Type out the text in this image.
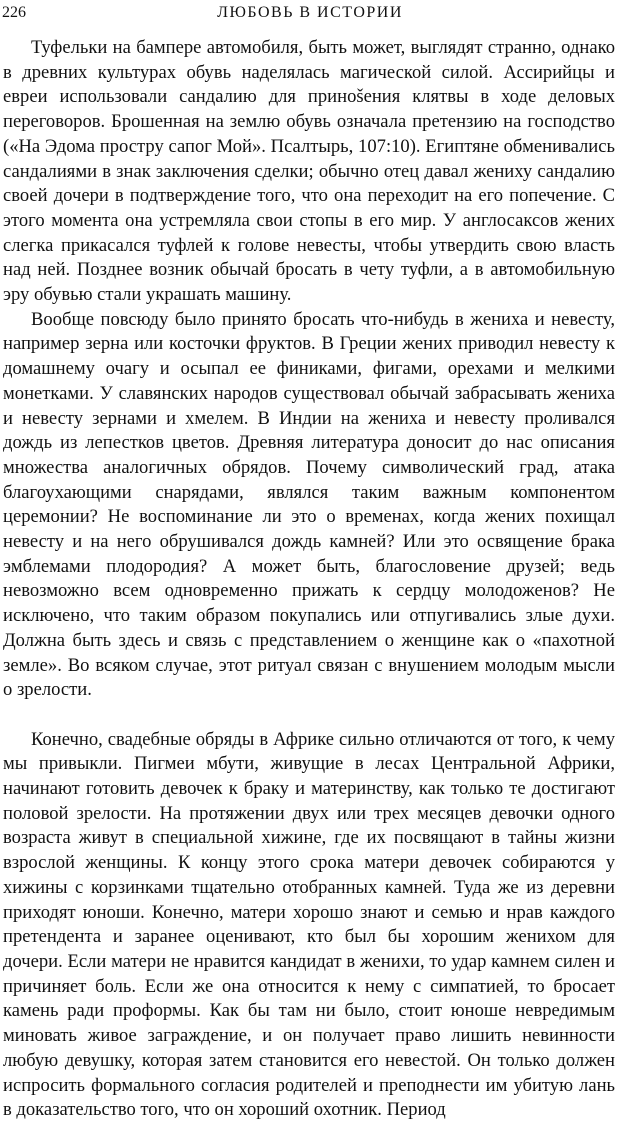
226	ЛЮБОВЬ В ИСТОРИИ

Туфельки на бампере автомобиля, быть может, выглядят странно, однако в древних культурах обувь наделялась магической силой. Ассирийцы и евреи использовали сандалию для принošения клятвы в ходе деловых переговоров. Брошенная на землю обувь означала претензию на господство («На Эдома простру сапог Мой». Псалтырь, 107:10). Египтяне обменивались сандалиями в знак заключения сделки; обычно отец давал жениху сандалию своей дочери в подтверждение того, что она переходит на его попечение. С этого момента она устремляла свои стопы в его мир. У англосаксов жених слегка прикасался туфлей к голове невесты, чтобы утвердить свою власть над ней. Позднее возник обычай бросать в чету туфли, а в автомобильную эру обувью стали украшать машину.

Вообще повсюду было принято бросать что-нибудь в жениха и невесту, например зерна или косточки фруктов. В Греции жених приводил невесту к домашнему очагу и осыпал ее финиками, фигами, орехами и мелкими монетками. У славянских народов существовал обычай забрасывать жениха и невесту зернами и хмелем. В Индии на жениха и невесту проливался дождь из лепестков цветов. Древняя литература доносит до нас описания множества аналогичных обрядов. Почему символический град, атака благоухающими снарядами, являлся таким важным компонентом церемонии? Не воспоминание ли это о временах, когда жених похищал невесту и на него обрушивался дождь камней? Или это освящение брака эмблемами плодородия? А может быть, благословение друзей; ведь невозможно всем одновременно прижать к сердцу молодоженов? Не исключено, что таким образом покупались или отпугивались злые духи. Должна быть здесь и связь с представлением о женщине как о «пахотной земле». Во всяком случае, этот ритуал связан с внушением молодым мысли о зрелости.

Конечно, свадебные обряды в Африке сильно отличаются от того, к чему мы привыкли. Пигмеи мбути, живущие в лесах Центральной Африки, начинают готовить девочек к браку и материнству, как только те достигают половой зрелости. На протяжении двух или трех месяцев девочки одного возраста живут в специальной хижине, где их посвящают в тайны жизни взрослой женщины. К концу этого срока матери девочек собираются у хижины с корзинками тщательно отобранных камней. Туда же из деревни приходят юноши. Конечно, матери хорошо знают и семью и нрав каждого претендента и заранее оценивают, кто был бы хорошим женихом для дочери. Если матери не нравится кандидат в женихи, то удар камнем силен и причиняет боль. Если же она относится к нему с симпатией, то бросает камень ради проформы. Как бы там ни было, стоит юноше невредимым миновать живое заграждение, и он получает право лишить невинности любую девушку, которая затем становится его невестой. Он только должен испросить формального согласия родителей и преподнести им убитую лань в доказательство того, что он хороший охотник. Период
